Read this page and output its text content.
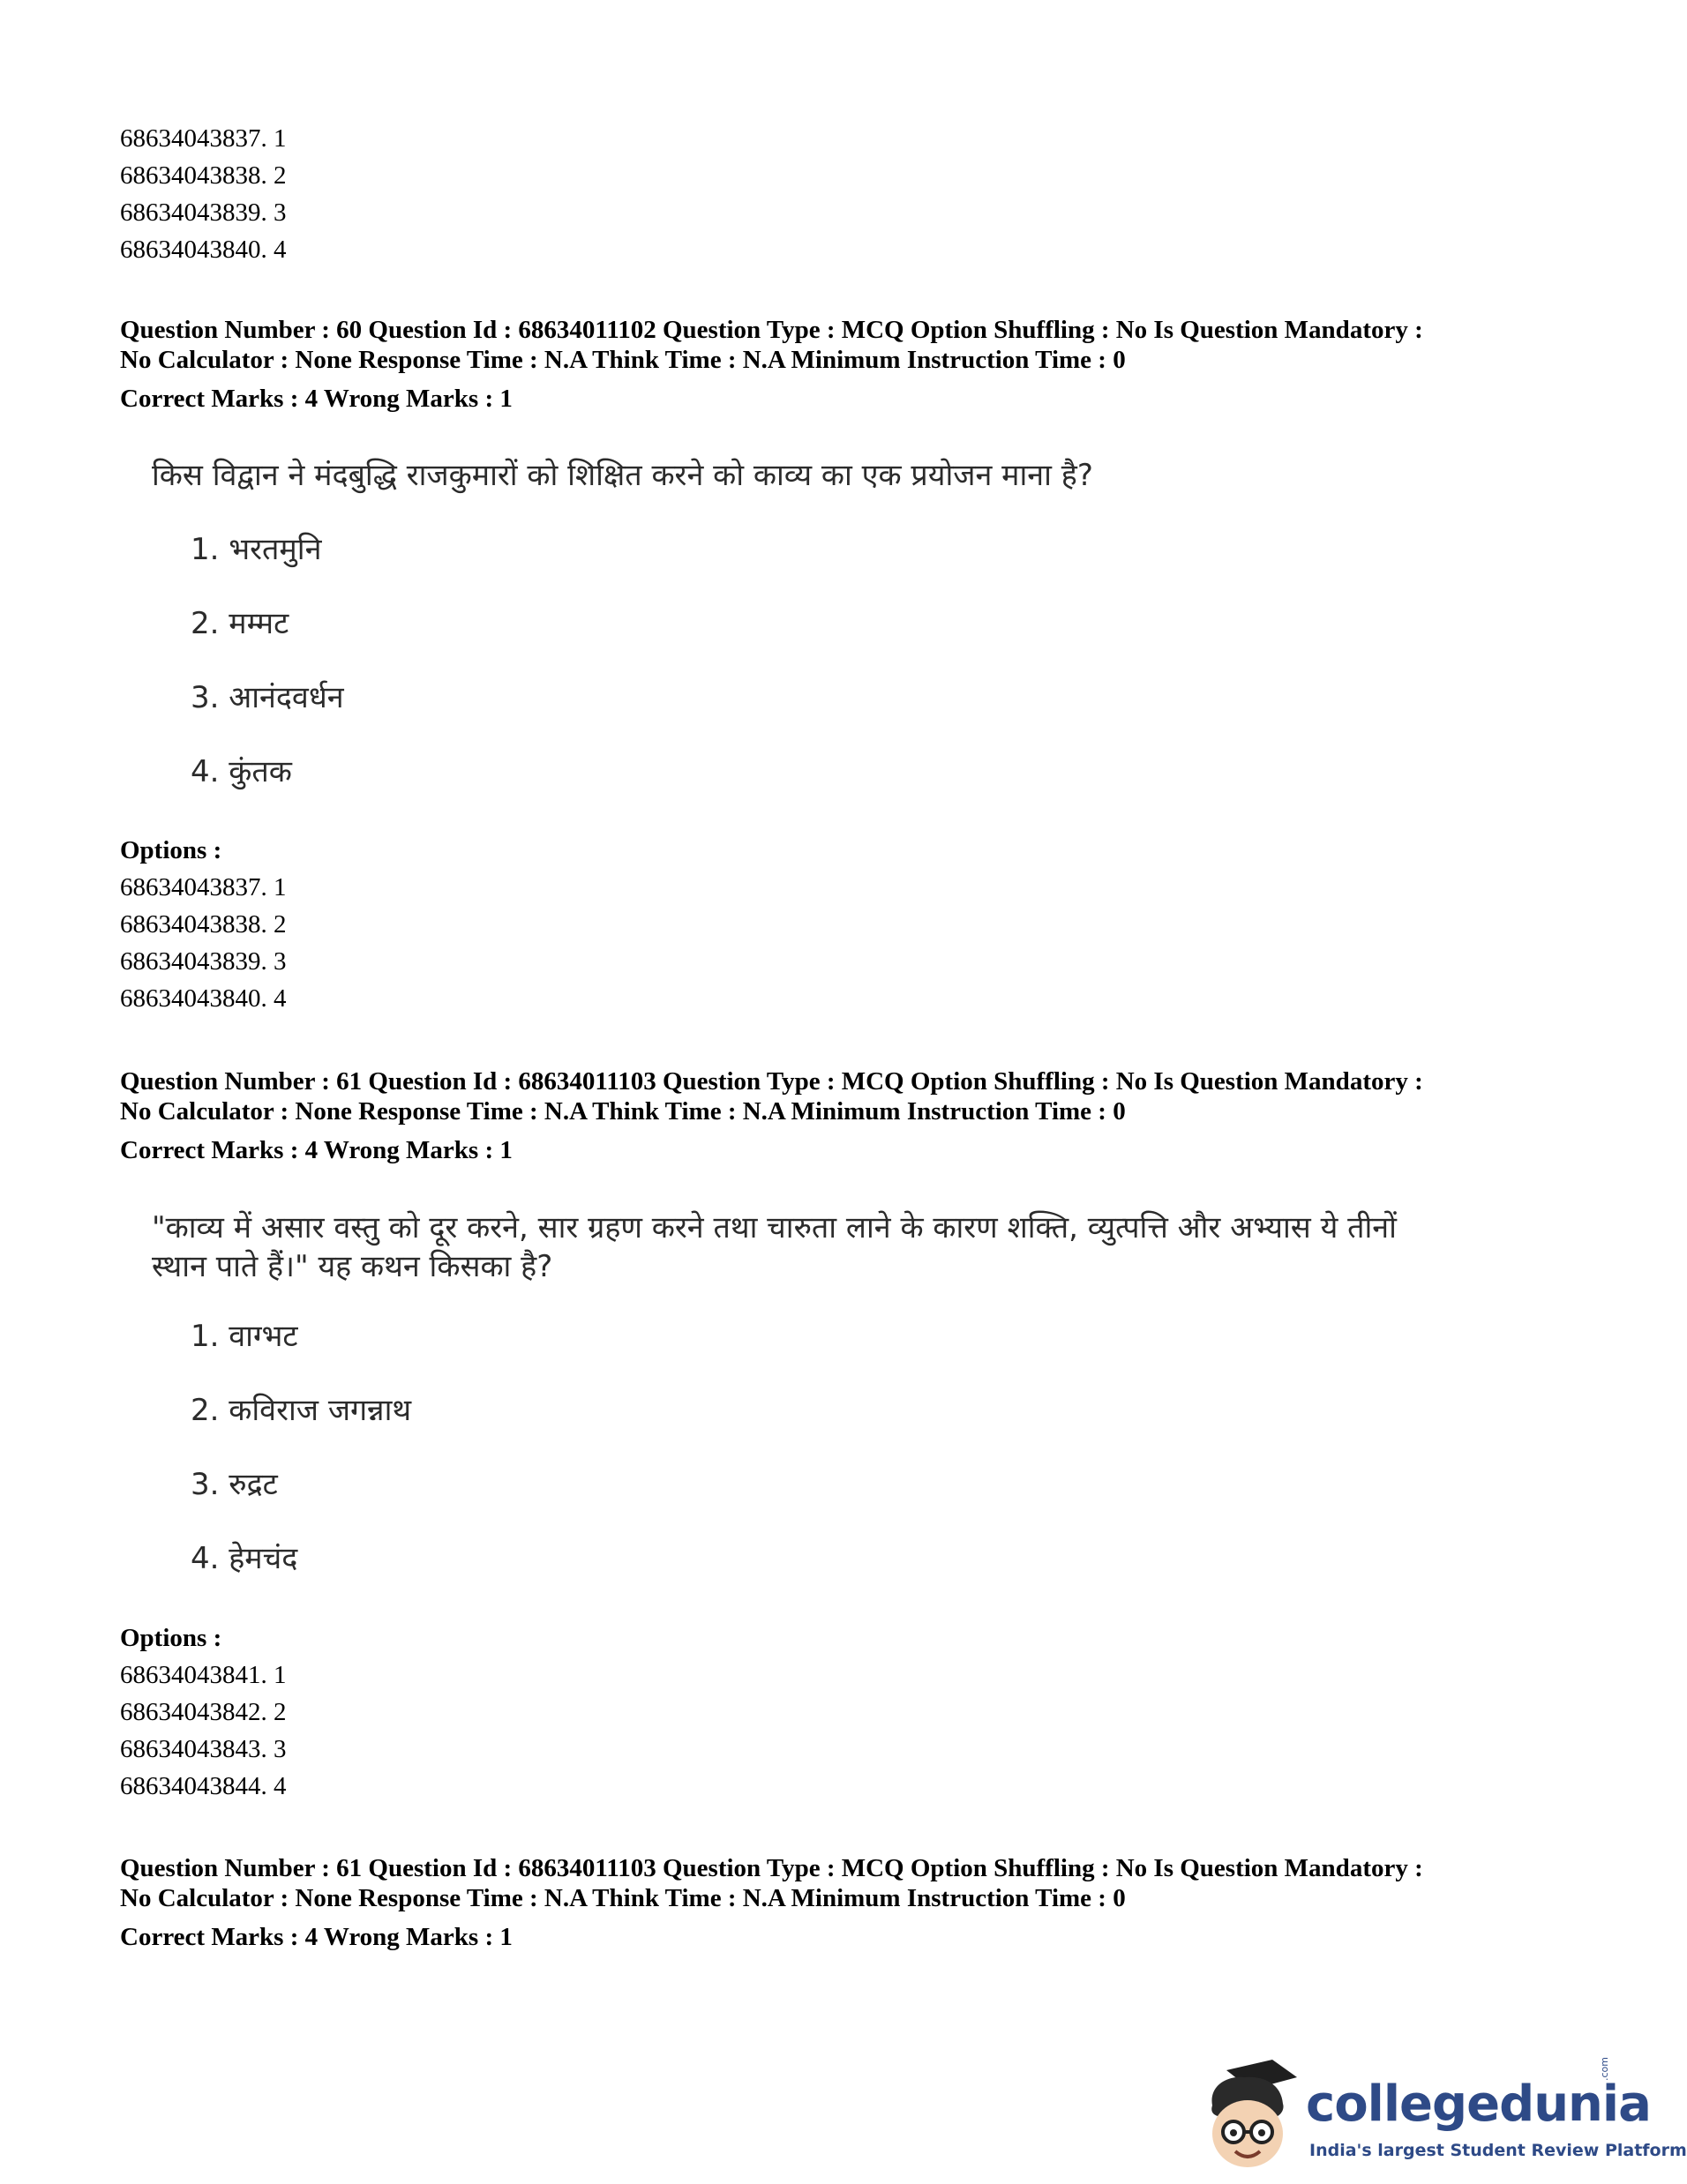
68634043837. 1
68634043838. 2
68634043839. 3
68634043840. 4
Question Number : 60 Question Id : 68634011102 Question Type : MCQ Option Shuffling : No Is Question Mandatory :
No Calculator : None Response Time : N.A Think Time : N.A Minimum Instruction Time : 0
Correct Marks : 4 Wrong Marks : 1
किस विद्वान ने मंदबुद्धि राजकुमारों को शिक्षित करने को काव्य का एक प्रयोजन माना है?
1. भरतमुनि
2. मम्मट
3. आनंदवर्धन
4. कुंतक
Options :
68634043837. 1
68634043838. 2
68634043839. 3
68634043840. 4
Question Number : 61 Question Id : 68634011103 Question Type : MCQ Option Shuffling : No Is Question Mandatory :
No Calculator : None Response Time : N.A Think Time : N.A Minimum Instruction Time : 0
Correct Marks : 4 Wrong Marks : 1
"काव्य में असार वस्तु को दूर करने, सार ग्रहण करने तथा चारुता लाने के कारण शक्ति, व्युत्पत्ति और अभ्यास ये तीनों
स्थान पाते हैं।" यह कथन किसका है?
1. वाग्भट
2. कविराज जगन्नाथ
3. रुद्रट
4. हेमचंद
Options :
68634043841. 1
68634043842. 2
68634043843. 3
68634043844. 4
Question Number : 61 Question Id : 68634011103 Question Type : MCQ Option Shuffling : No Is Question Mandatory :
No Calculator : None Response Time : N.A Think Time : N.A Minimum Instruction Time : 0
Correct Marks : 4 Wrong Marks : 1
collegedunia
.com
India's largest Student Review Platform
